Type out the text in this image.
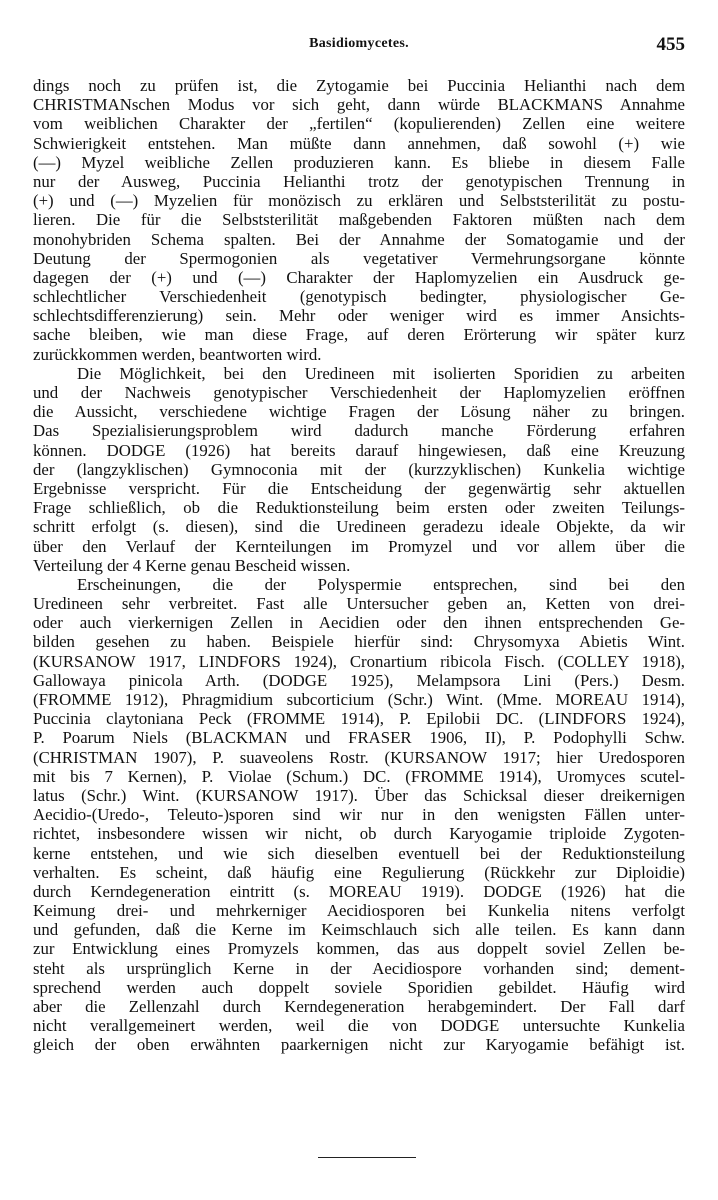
Basidiomycetes.	455
dings noch zu prüfen ist, die Zytogamie bei Puccinia Helianthi nach dem
CHRISTMANschen Modus vor sich geht, dann würde BLACKMANS Annahme
vom weiblichen Charakter der „fertilen“ (kopulierenden) Zellen eine weitere
Schwierigkeit entstehen. Man müßte dann annehmen, daß sowohl (+) wie
(—) Myzel weibliche Zellen produzieren kann. Es bliebe in diesem Falle
nur der Ausweg, Puccinia Helianthi trotz der genotypischen Trennung in
(+) und (—) Myzelien für monözisch zu erklären und Selbststerilität zu postu-
lieren. Die für die Selbststerilität maßgebenden Faktoren müßten nach dem
monohybriden Schema spalten. Bei der Annahme der Somatogamie und der
Deutung der Spermogonien als vegetativer Vermehrungsorgane könnte
dagegen der (+) und (—) Charakter der Haplomyzelien ein Ausdruck ge-
schlechtlicher Verschiedenheit (genotypisch bedingter, physiologischer Ge-
schlechtsdifferenzierung) sein. Mehr oder weniger wird es immer Ansichts-
sache bleiben, wie man diese Frage, auf deren Erörterung wir später kurz
zurückkommen werden, beantworten wird.
Die Möglichkeit, bei den Uredineen mit isolierten Sporidien zu arbeiten
und der Nachweis genotypischer Verschiedenheit der Haplomyzelien eröffnen
die Aussicht, verschiedene wichtige Fragen der Lösung näher zu bringen.
Das Spezialisierungsproblem wird dadurch manche Förderung erfahren
können. DODGE (1926) hat bereits darauf hingewiesen, daß eine Kreuzung
der (langzyklischen) Gymnoconia mit der (kurzzyklischen) Kunkelia wichtige
Ergebnisse verspricht. Für die Entscheidung der gegenwärtig sehr aktuellen
Frage schließlich, ob die Reduktionsteilung beim ersten oder zweiten Teilungs-
schritt erfolgt (s. diesen), sind die Uredineen geradezu ideale Objekte, da wir
über den Verlauf der Kernteilungen im Promyzel und vor allem über die
Verteilung der 4 Kerne genau Bescheid wissen.
Erscheinungen, die der Polyspermie entsprechen, sind bei den
Uredineen sehr verbreitet. Fast alle Untersucher geben an, Ketten von drei-
oder auch vierkernigen Zellen in Aecidien oder den ihnen entsprechenden Ge-
bilden gesehen zu haben. Beispiele hierfür sind: Chrysomyxa Abietis Wint.
(KURSANOW 1917, LINDFORS 1924), Cronartium ribicola Fisch. (COLLEY 1918),
Gallowaya pinicola Arth. (DODGE 1925), Melampsora Lini (Pers.) Desm.
(FROMME 1912), Phragmidium subcorticium (Schr.) Wint. (Mme. MOREAU 1914),
Puccinia claytoniana Peck (FROMME 1914), P. Epilobii DC. (LINDFORS 1924),
P. Poarum Niels (BLACKMAN und FRASER 1906, II), P. Podophylli Schw.
(CHRISTMAN 1907), P. suaveolens Rostr. (KURSANOW 1917; hier Uredosporen
mit bis 7 Kernen), P. Violae (Schum.) DC. (FROMME 1914), Uromyces scutel-
latus (Schr.) Wint. (KURSANOW 1917). Über das Schicksal dieser dreikernigen
Aecidio-(Uredo-, Teleuto-)sporen sind wir nur in den wenigsten Fällen unter-
richtet, insbesondere wissen wir nicht, ob durch Karyogamie triploide Zygoten-
kerne entstehen, und wie sich dieselben eventuell bei der Reduktionsteilung
verhalten. Es scheint, daß häufig eine Regulierung (Rückkehr zur Diploidie)
durch Kerndegeneration eintritt (s. MOREAU 1919). DODGE (1926) hat die
Keimung drei- und mehrkerniger Aecidiosporen bei Kunkelia nitens verfolgt
und gefunden, daß die Kerne im Keimschlauch sich alle teilen. Es kann dann
zur Entwicklung eines Promyzels kommen, das aus doppelt soviel Zellen be-
steht als ursprünglich Kerne in der Aecidiospore vorhanden sind; dement-
sprechend werden auch doppelt soviele Sporidien gebildet. Häufig wird
aber die Zellenzahl durch Kerndegeneration herabgemindert. Der Fall darf
nicht verallgemeinert werden, weil die von DODGE untersuchte Kunkelia
gleich der oben erwähnten paarkernigen nicht zur Karyogamie befähigt ist.
